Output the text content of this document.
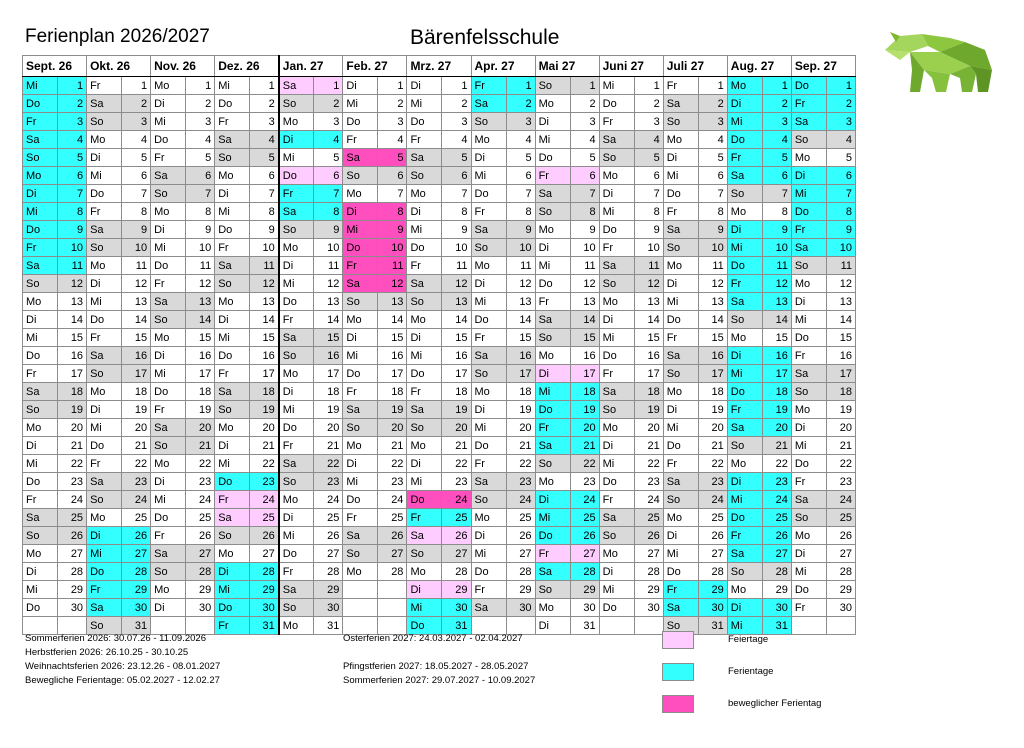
Ferienplan 2026/2027	Bärenfelsschule
Sept. 26		Okt. 26		Nov. 26		Dez. 26		Jan. 27		Feb. 27		Mrz. 27		Apr. 27		Mai 27		Juni 27		Juli 27		Aug. 27		Sep. 27	
Mi	1	Fr	1	Mo	1	Mi	1	Sa	1	Di	1	Di	1	Fr	1	So	1	Mi	1	Fr	1	Mo	1	Do	1
Do	2	Sa	2	Di	2	Do	2	So	2	Mi	2	Mi	2	Sa	2	Mo	2	Do	2	Sa	2	Di	2	Fr	2
Fr	3	So	3	Mi	3	Fr	3	Mo	3	Do	3	Do	3	So	3	Di	3	Fr	3	So	3	Mi	3	Sa	3
Sa	4	Mo	4	Do	4	Sa	4	Di	4	Fr	4	Fr	4	Mo	4	Mi	4	Sa	4	Mo	4	Do	4	So	4
So	5	Di	5	Fr	5	So	5	Mi	5	Sa	5	Sa	5	Di	5	Do	5	So	5	Di	5	Fr	5	Mo	5
Mo	6	Mi	6	Sa	6	Mo	6	Do	6	So	6	So	6	Mi	6	Fr	6	Mo	6	Mi	6	Sa	6	Di	6
Di	7	Do	7	So	7	Di	7	Fr	7	Mo	7	Mo	7	Do	7	Sa	7	Di	7	Do	7	So	7	Mi	7
Mi	8	Fr	8	Mo	8	Mi	8	Sa	8	Di	8	Di	8	Fr	8	So	8	Mi	8	Fr	8	Mo	8	Do	8
Do	9	Sa	9	Di	9	Do	9	So	9	Mi	9	Mi	9	Sa	9	Mo	9	Do	9	Sa	9	Di	9	Fr	9
Fr	10	So	10	Mi	10	Fr	10	Mo	10	Do	10	Do	10	So	10	Di	10	Fr	10	So	10	Mi	10	Sa	10
Sa	11	Mo	11	Do	11	Sa	11	Di	11	Fr	11	Fr	11	Mo	11	Mi	11	Sa	11	Mo	11	Do	11	So	11
So	12	Di	12	Fr	12	So	12	Mi	12	Sa	12	Sa	12	Di	12	Do	12	So	12	Di	12	Fr	12	Mo	12
Mo	13	Mi	13	Sa	13	Mo	13	Do	13	So	13	So	13	Mi	13	Fr	13	Mo	13	Mi	13	Sa	13	Di	13
Di	14	Do	14	So	14	Di	14	Fr	14	Mo	14	Mo	14	Do	14	Sa	14	Di	14	Do	14	So	14	Mi	14
Mi	15	Fr	15	Mo	15	Mi	15	Sa	15	Di	15	Di	15	Fr	15	So	15	Mi	15	Fr	15	Mo	15	Do	15
Do	16	Sa	16	Di	16	Do	16	So	16	Mi	16	Mi	16	Sa	16	Mo	16	Do	16	Sa	16	Di	16	Fr	16
Fr	17	So	17	Mi	17	Fr	17	Mo	17	Do	17	Do	17	So	17	Di	17	Fr	17	So	17	Mi	17	Sa	17
Sa	18	Mo	18	Do	18	Sa	18	Di	18	Fr	18	Fr	18	Mo	18	Mi	18	Sa	18	Mo	18	Do	18	So	18
So	19	Di	19	Fr	19	So	19	Mi	19	Sa	19	Sa	19	Di	19	Do	19	So	19	Di	19	Fr	19	Mo	19
Mo	20	Mi	20	Sa	20	Mo	20	Do	20	So	20	So	20	Mi	20	Fr	20	Mo	20	Mi	20	Sa	20	Di	20
Di	21	Do	21	So	21	Di	21	Fr	21	Mo	21	Mo	21	Do	21	Sa	21	Di	21	Do	21	So	21	Mi	21
Mi	22	Fr	22	Mo	22	Mi	22	Sa	22	Di	22	Di	22	Fr	22	So	22	Mi	22	Fr	22	Mo	22	Do	22
Do	23	Sa	23	Di	23	Do	23	So	23	Mi	23	Mi	23	Sa	23	Mo	23	Do	23	Sa	23	Di	23	Fr	23
Fr	24	So	24	Mi	24	Fr	24	Mo	24	Do	24	Do	24	So	24	Di	24	Fr	24	So	24	Mi	24	Sa	24
Sa	25	Mo	25	Do	25	Sa	25	Di	25	Fr	25	Fr	25	Mo	25	Mi	25	Sa	25	Mo	25	Do	25	So	25
So	26	Di	26	Fr	26	So	26	Mi	26	Sa	26	Sa	26	Di	26	Do	26	So	26	Di	26	Fr	26	Mo	26
Mo	27	Mi	27	Sa	27	Mo	27	Do	27	So	27	So	27	Mi	27	Fr	27	Mo	27	Mi	27	Sa	27	Di	27
Di	28	Do	28	So	28	Di	28	Fr	28	Mo	28	Mo	28	Do	28	Sa	28	Di	28	Do	28	So	28	Mi	28
Mi	29	Fr	29	Mo	29	Mi	29	Sa	29			Di	29	Fr	29	So	29	Mi	29	Fr	29	Mo	29	Do	29
Do	30	Sa	30	Di	30	Do	30	So	30			Mi	30	Sa	30	Mo	30	Do	30	Sa	30	Di	30	Fr	30
		So	31			Fr	31	Mo	31			Do	31			Di	31			So	31	Mi	31		
Sommerferien 2026: 30.07.26 - 11.09.2026
Herbstferien 2026: 26.10.25 - 30.10.25
Weihnachtsferien 2026: 23.12.26 - 08.01.2027
Bewegliche Ferientage: 05.02.2027 - 12.02.27
Osterferien 2027: 24.03.2027 - 02.04.2027

Pfingstferien 2027: 18.05.2027 - 28.05.2027
Sommerferien 2027: 29.07.2027 - 10.09.2027
Feiertage
Ferientage
beweglicher Ferientag
